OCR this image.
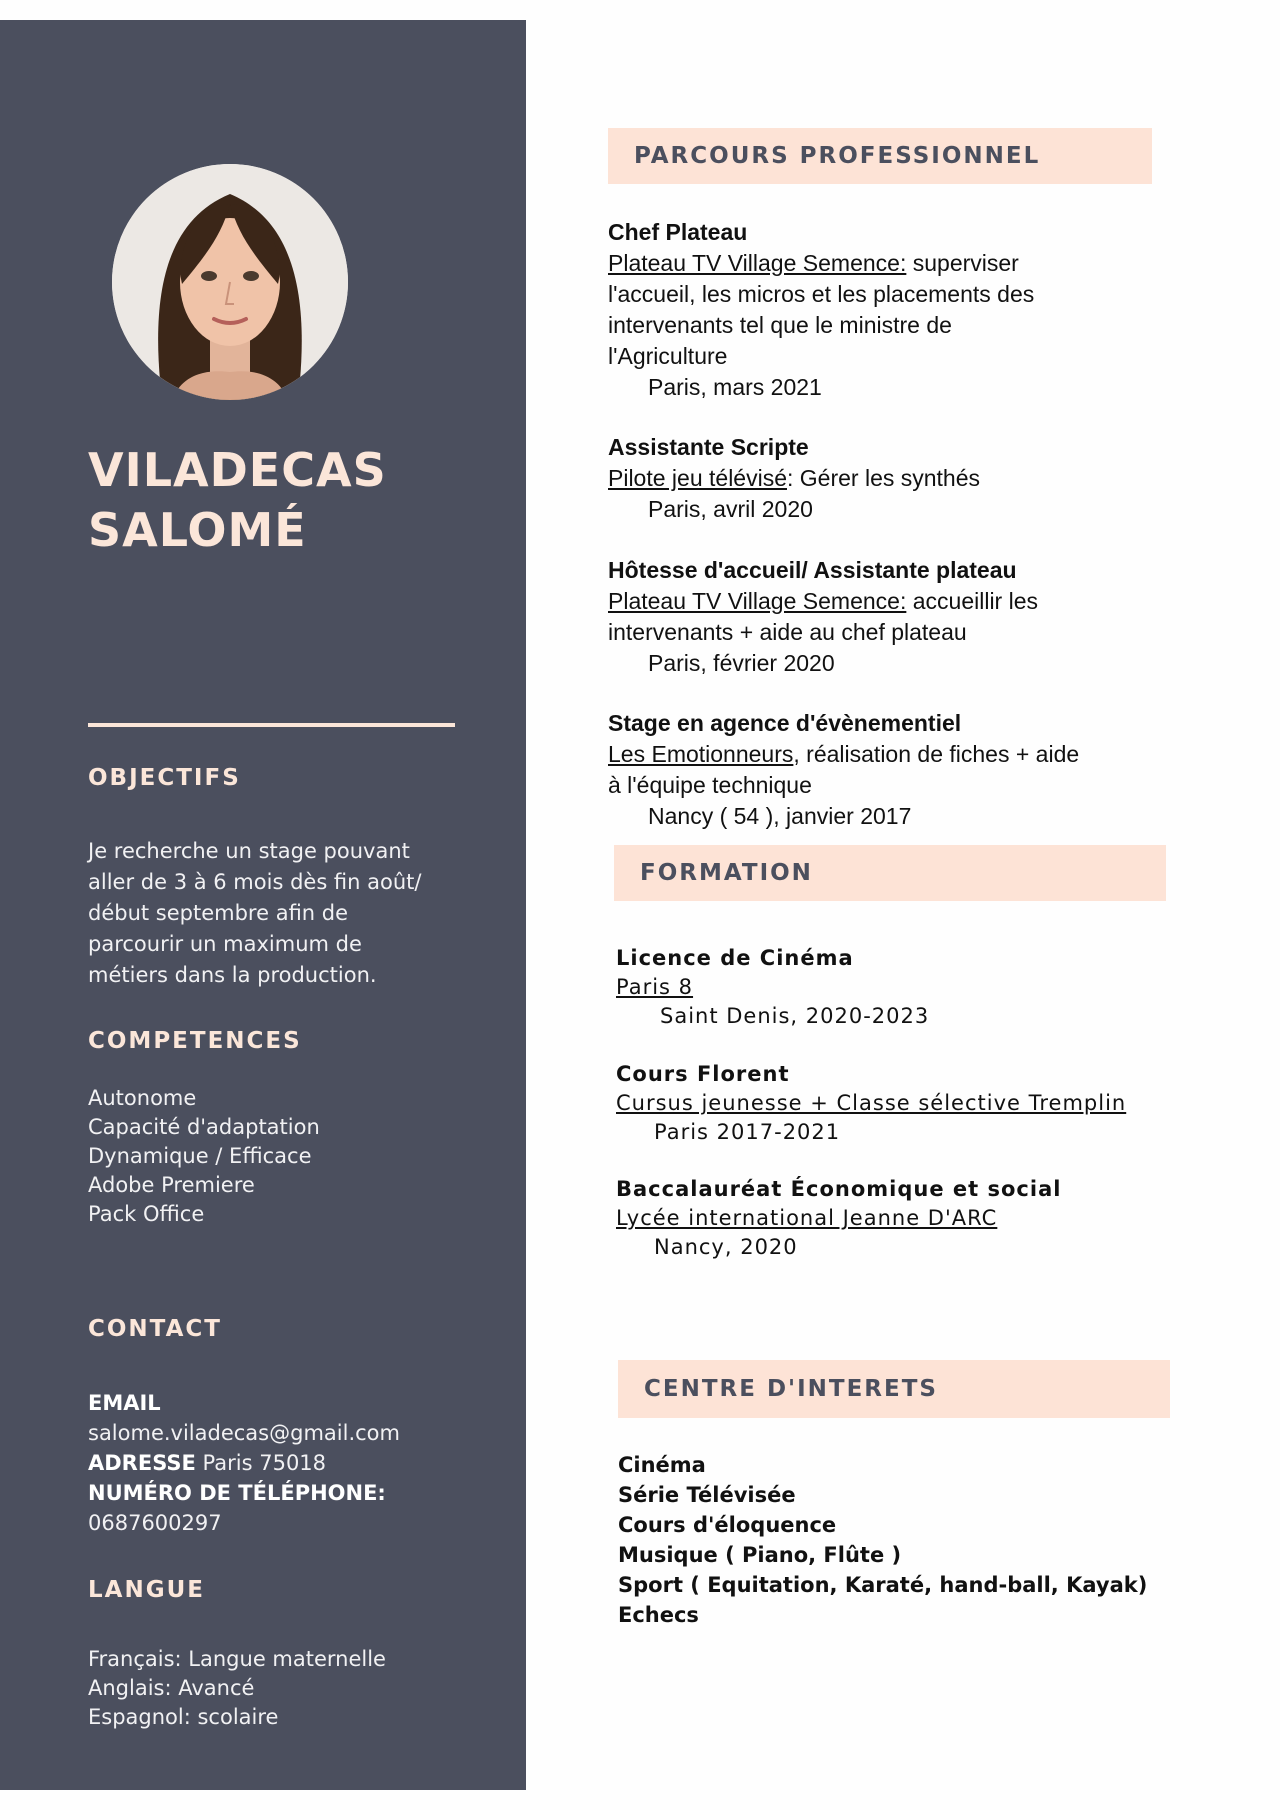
VILADECAS
SALOMÉ
OBJECTIFS

Je recherche un stage pouvant

aller de 3 à 6 mois dès fin août/

début septembre afin de

parcourir un maximum de

métiers dans la production.

COMPETENCES

Autonome

Capacité d'adaptation

Dynamique / Efficace

Adobe Premiere

Pack Office

CONTACT

EMAIL

salome.viladecas@gmail.com

ADRESSE Paris 75018

NUMÉRO DE TÉLÉPHONE:

0687600297

LANGUE

Français: Langue maternelle

Anglais: Avancé

Espagnol: scolaire

PARCOURS PROFESSIONNEL

Chef Plateau

Plateau TV Village Semence: superviser

l'accueil, les micros et les placements des

intervenants tel que le ministre de

l'Agriculture

Paris, mars 2021

Assistante Scripte

Pilote jeu télévisé: Gérer les synthés

Paris, avril 2020

Hôtesse d'accueil/ Assistante plateau

Plateau TV Village Semence: accueillir les

intervenants + aide au chef plateau

Paris, février 2020

Stage en agence d'évènementiel

Les Emotionneurs, réalisation de fiches + aide

à l'équipe technique

Nancy ( 54 ), janvier 2017

FORMATION

Licence de Cinéma

Paris 8

Saint Denis, 2020-2023

Cours Florent

Cursus jeunesse + Classe sélective Tremplin

Paris 2017-2021

Baccalauréat Économique et social

Lycée international Jeanne D'ARC

Nancy, 2020

CENTRE D'INTERETS

Cinéma

Série Télévisée

Cours d'éloquence

Musique ( Piano, Flûte )

Sport ( Equitation, Karaté, hand-ball, Kayak)

Echecs
